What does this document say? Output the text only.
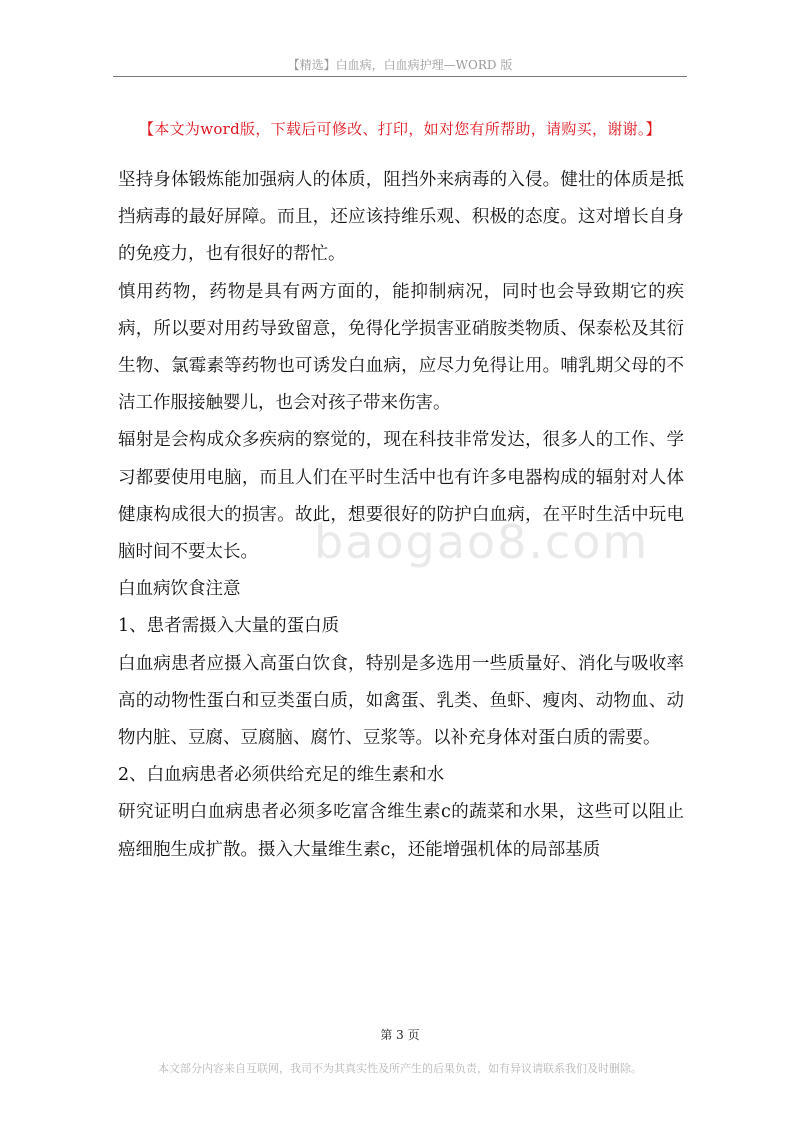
【精选】白血病，白血病护理—WORD 版
【本文为word版，下载后可修改、打印，如对您有所帮助，请购买，谢谢。】
baogao8.com

坚持身体锻炼能加强病人的体质，阻挡外来病毒的入侵。健壮的体质是抵挡病毒的最好屏障。而且，还应该持维乐观、积极的态度。这对增长自身的免疫力，也有很好的帮忙。

慎用药物，药物是具有两方面的，能抑制病况，同时也会导致期它的疾病，所以要对用药导致留意，免得化学损害亚硝胺类物质、保泰松及其衍生物、氯霉素等药物也可诱发白血病，应尽力免得让用。哺乳期父母的不洁工作服接触婴儿，也会对孩子带来伤害。

辐射是会构成众多疾病的察觉的，现在科技非常发达，很多人的工作、学习都要使用电脑，而且人们在平时生活中也有许多电器构成的辐射对人体健康构成很大的损害。故此，想要很好的防护白血病，在平时生活中玩电脑时间不要太长。

白血病饮食注意

1、患者需摄入大量的蛋白质

白血病患者应摄入高蛋白饮食，特别是多选用一些质量好、消化与吸收率高的动物性蛋白和豆类蛋白质，如禽蛋、乳类、鱼虾、瘦肉、动物血、动物内脏、豆腐、豆腐脑、腐竹、豆浆等。以补充身体对蛋白质的需要。

2、白血病患者必须供给充足的维生素和水

研究证明白血病患者必须多吃富含维生素c的蔬菜和水果，这些可以阻止癌细胞生成扩散。摄入大量维生素c，还能增强机体的局部基质

第 3 页
本文部分内容来自互联网，我司不为其真实性及所产生的后果负责，如有异议请联系我们及时删除。
